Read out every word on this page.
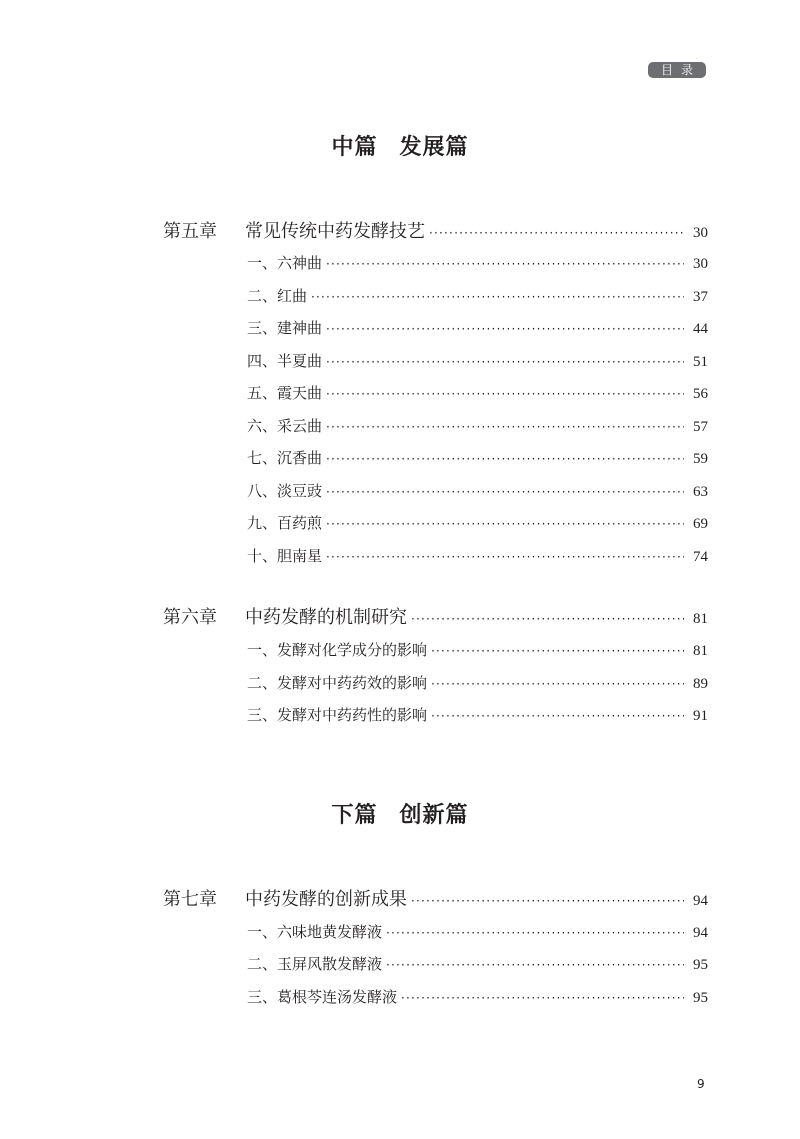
目录
中篇 发展篇
第五章	常见传统中药发酵技艺 ·····	30
一、六神曲 ·····	30
二、红曲 ·····	37
三、建神曲 ·····	44
四、半夏曲 ·····	51
五、霞天曲 ·····	56
六、采云曲 ·····	57
七、沉香曲 ·····	59
八、淡豆豉 ·····	63
九、百药煎 ·····	69
十、胆南星 ·····	74
第六章	中药发酵的机制研究 ·····	81
一、发酵对化学成分的影响 ·····	81
二、发酵对中药药效的影响 ·····	89
三、发酵对中药药性的影响 ·····	91
下篇 创新篇
第七章	中药发酵的创新成果 ·····	94
一、六味地黄发酵液 ·····	94
二、玉屏风散发酵液 ·····	95
三、葛根芩连汤发酵液 ·····	95
9
